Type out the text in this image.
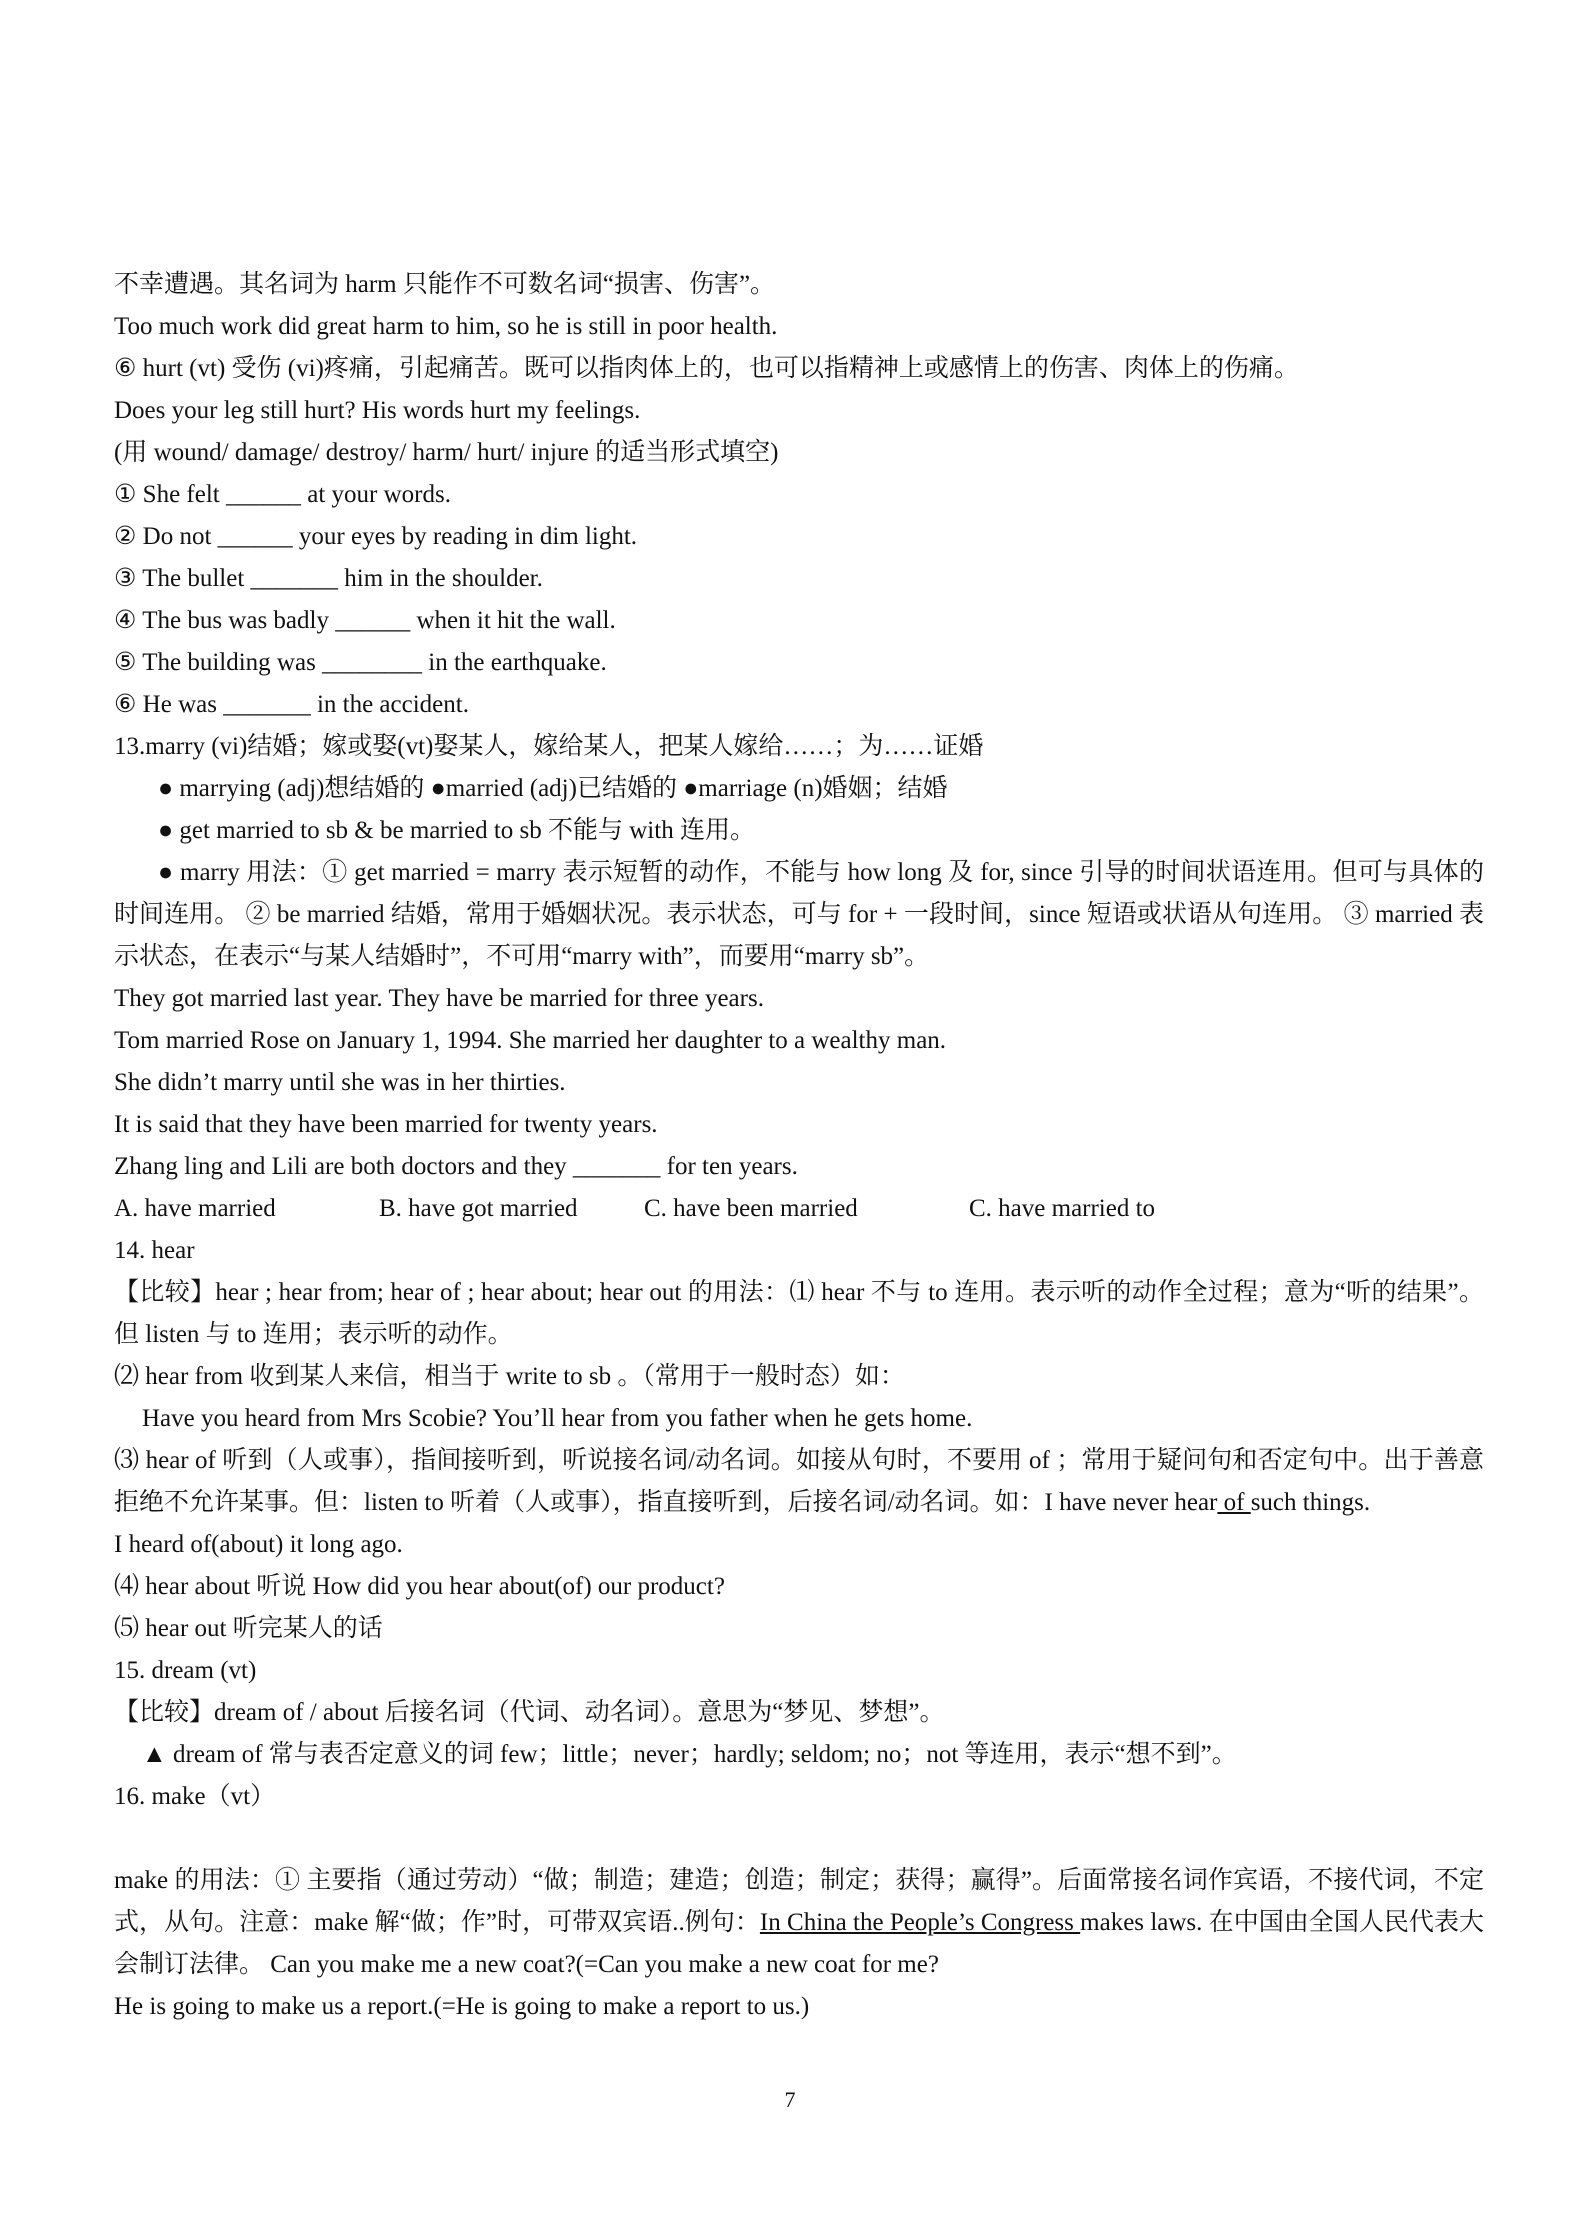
不幸遭遇。其名词为 harm 只能作不可数名词“损害、伤害”。
Too much work did great harm to him, so he is still in poor health.
⑥ hurt (vt) 受伤 (vi)疼痛，引起痛苦。既可以指肉体上的，也可以指精神上或感情上的伤害、肉体上的伤痛。
Does your leg still hurt? His words hurt my feelings.
(用 wound/ damage/ destroy/ harm/ hurt/ injure 的适当形式填空)
① She felt ______ at your words.
② Do not ______ your eyes by reading in dim light.
③ The bullet _______ him in the shoulder.
④ The bus was badly ______ when it hit the wall.
⑤ The building was ________ in the earthquake.
⑥ He was _______ in the accident.
13.marry (vi)结婚；嫁或娶(vt)娶某人，嫁给某人，把某人嫁给……；为……证婚
● marrying (adj)想结婚的 ●married (adj)已结婚的 ●marriage (n)婚姻；结婚
● get married to sb & be married to sb 不能与 with 连用。
● marry 用法：① get married = marry 表示短暂的动作，不能与 how long 及 for, since 引导的时间状语连用。但可与具体的时间连用。 ② be married 结婚，常用于婚姻状况。表示状态，可与 for + 一段时间，since 短语或状语从句连用。 ③ married 表示状态，在表示“与某人结婚时”，不可用“marry with”，而要用“marry sb”。
They got married last year. They have be married for three years.
Tom married Rose on January 1, 1994. She married her daughter to a wealthy man.
She didn’t marry until she was in her thirties.
It is said that they have been married for twenty years.
Zhang ling and Lili are both doctors and they _______ for ten years.
A. have married	B. have got married	C. have been married	C. have married to
14. hear
【比较】hear ; hear from; hear of ; hear about; hear out 的用法：⑴ hear 不与 to 连用。表示听的动作全过程；意为“听的结果”。但 listen 与 to 连用；表示听的动作。
⑵ hear from 收到某人来信，相当于 write to sb 。（常用于一般时态）如：
Have you heard from Mrs Scobie? You’ll hear from you father when he gets home.
⑶ hear of 听到（人或事），指间接听到，听说接名词/动名词。如接从句时，不要用 of ；常用于疑问句和否定句中。出于善意拒绝不允许某事。但：listen to 听着（人或事），指直接听到，后接名词/动名词。如：I have never hear of such things.
I heard of(about) it long ago.
⑷ hear about 听说 How did you hear about(of) our product?
⑸ hear out 听完某人的话
15. dream (vt)
【比较】dream of / about 后接名词（代词、动名词）。意思为“梦见、梦想”。
▲ dream of 常与表否定意义的词 few；little；never；hardly; seldom; no；not 等连用，表示“想不到”。
16. make（vt）
make 的用法：① 主要指（通过劳动）“做；制造；建造；创造；制定；获得；赢得”。后面常接名词作宾语，不接代词，不定式，从句。注意：make 解“做；作”时，可带双宾语..例句：In China the People’s Congress makes laws. 在中国由全国人民代表大会制订法律。 Can you make me a new coat?(=Can you make a new coat for me?
He is going to make us a report.(=He is going to make a report to us.)
7
